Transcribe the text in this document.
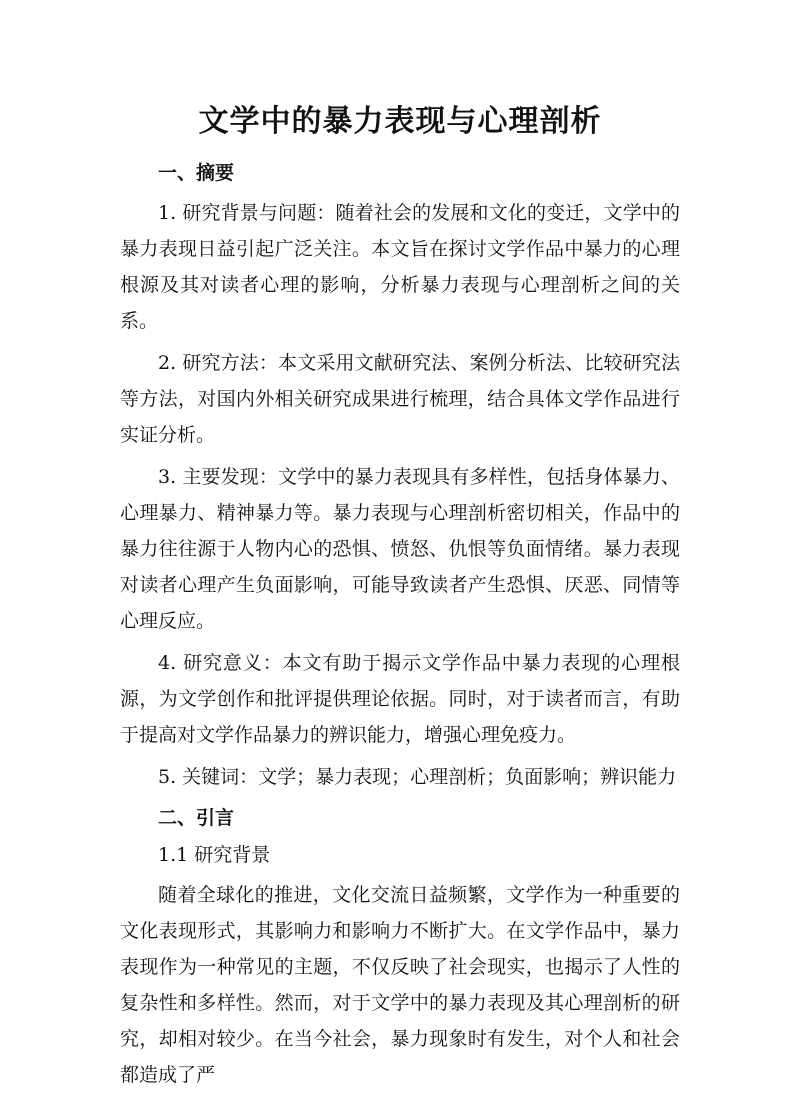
文学中的暴力表现与心理剖析
一、摘要

1. 研究背景与问题：随着社会的发展和文化的变迁，文学中的暴力表现日益引起广泛关注。本文旨在探讨文学作品中暴力的心理根源及其对读者心理的影响，分析暴力表现与心理剖析之间的关系。

2. 研究方法：本文采用文献研究法、案例分析法、比较研究法等方法，对国内外相关研究成果进行梳理，结合具体文学作品进行实证分析。

3. 主要发现：文学中的暴力表现具有多样性，包括身体暴力、心理暴力、精神暴力等。暴力表现与心理剖析密切相关，作品中的暴力往往源于人物内心的恐惧、愤怒、仇恨等负面情绪。暴力表现对读者心理产生负面影响，可能导致读者产生恐惧、厌恶、同情等心理反应。

4. 研究意义：本文有助于揭示文学作品中暴力表现的心理根源，为文学创作和批评提供理论依据。同时，对于读者而言，有助于提高对文学作品暴力的辨识能力，增强心理免疫力。

5. 关键词：文学；暴力表现；心理剖析；负面影响；辨识能力

二、引言
1.1 研究背景

随着全球化的推进，文化交流日益频繁，文学作为一种重要的文化表现形式，其影响力和影响力不断扩大。在文学作品中，暴力表现作为一种常见的主题，不仅反映了社会现实，也揭示了人性的复杂性和多样性。然而，对于文学中的暴力表现及其心理剖析的研究，却相对较少。在当今社会，暴力现象时有发生，对个人和社会都造成了严
